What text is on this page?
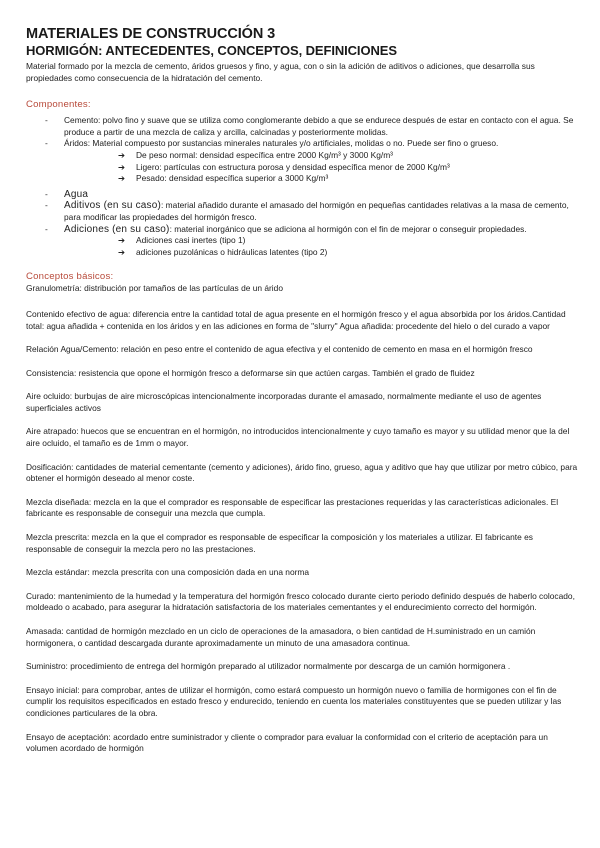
MATERIALES DE CONSTRUCCIÓN 3
HORMIGÓN: ANTECEDENTES, CONCEPTOS, DEFINICIONES

Material formado por la mezcla de cemento, áridos gruesos y fino, y agua, con o sin la adición de aditivos o adiciones, que desarrolla sus propiedades como consecuencia de la hidratación del cemento.

Componentes:

- Cemento: polvo fino y suave que se utiliza como conglomerante debido a que se endurece después de estar en contacto con el agua. Se produce a partir de una mezcla de caliza y arcilla, calcinadas y posteriormente molidas.
- Áridos: Material compuesto por sustancias minerales naturales y/o artificiales, molidas o no. Puede ser fino o grueso.
➔ De peso normal: densidad específica entre 2000 Kg/m³ y 3000 Kg/m³
➔ Ligero: partículas con estructura porosa y densidad específica menor de 2000 Kg/m³
➔ Pesado: densidad específica superior a 3000 Kg/m³
- Agua
- Aditivos (en su caso): material añadido durante el amasado del hormigón en pequeñas cantidades relativas a la masa de cemento, para modificar las propiedades del hormigón fresco.
- Adiciones (en su caso): material inorgánico que se adiciona al hormigón con el fin de mejorar o conseguir propiedades.
➔ Adiciones casi inertes (tipo 1)
➔ adiciones puzolánicas o hidráulicas latentes (tipo 2)

Conceptos básicos:

Granulometría: distribución por tamaños de las partículas de un árido

Contenido efectivo de agua: diferencia entre la cantidad total de agua presente en el hormigón fresco y el agua absorbida por los áridos.Cantidad total: agua añadida + contenida en los áridos y en las adiciones en forma de "slurry" Agua añadida: procedente del hielo o del curado a vapor

Relación Agua/Cemento: relación en peso entre el contenido de agua efectiva y el contenido de cemento en masa en el hormigón fresco

Consistencia: resistencia que opone el hormigón fresco a deformarse sin que actúen cargas. También el grado de fluidez

Aire ocluido: burbujas de aire microscópicas intencionalmente incorporadas durante el amasado, normalmente mediante el uso de agentes superficiales activos

Aire atrapado: huecos que se encuentran en el hormigón, no introducidos intencionalmente y cuyo tamaño es mayor y su utilidad menor que la del aire ocluido, el tamaño es de 1mm o mayor.

Dosificación: cantidades de material cementante (cemento y adiciones), árido fino, grueso, agua y aditivo que hay que utilizar por metro cúbico, para obtener el hormigón deseado al menor coste.

Mezcla diseñada: mezcla en la que el comprador es responsable de especificar las prestaciones requeridas y las características adicionales. El fabricante es responsable de conseguir una mezcla que cumpla.

Mezcla prescrita: mezcla en la que el comprador es responsable de especificar la composición y los materiales a utilizar. El fabricante es responsable de conseguir la mezcla pero no las prestaciones.

Mezcla estándar: mezcla prescrita con una composición dada en una norma

Curado: mantenimiento de la humedad y la temperatura del hormigón fresco colocado durante cierto periodo definido después de haberlo colocado, moldeado o acabado, para asegurar la hidratación satisfactoria de los materiales cementantes y el endurecimiento correcto del hormigón.

Amasada: cantidad de hormigón mezclado en un ciclo de operaciones de la amasadora, o bien cantidad de H.suministrado en un camión hormigonera, o cantidad descargada durante aproximadamente un minuto de una amasadora continua.

Suministro: procedimiento de entrega del hormigón preparado al utilizador normalmente por descarga de un camión hormigonera .

Ensayo inicial: para comprobar, antes de utilizar el hormigón, como estará compuesto un hormigón nuevo o familia de hormigones con el fin de cumplir los requisitos especificados en estado fresco y endurecido, teniendo en cuenta los materiales constituyentes que se pueden utilizar y las condiciones particulares de la obra.

Ensayo de aceptación: acordado entre suministrador y cliente o comprador para evaluar la conformidad con el criterio de aceptación para un volumen acordado de hormigón
